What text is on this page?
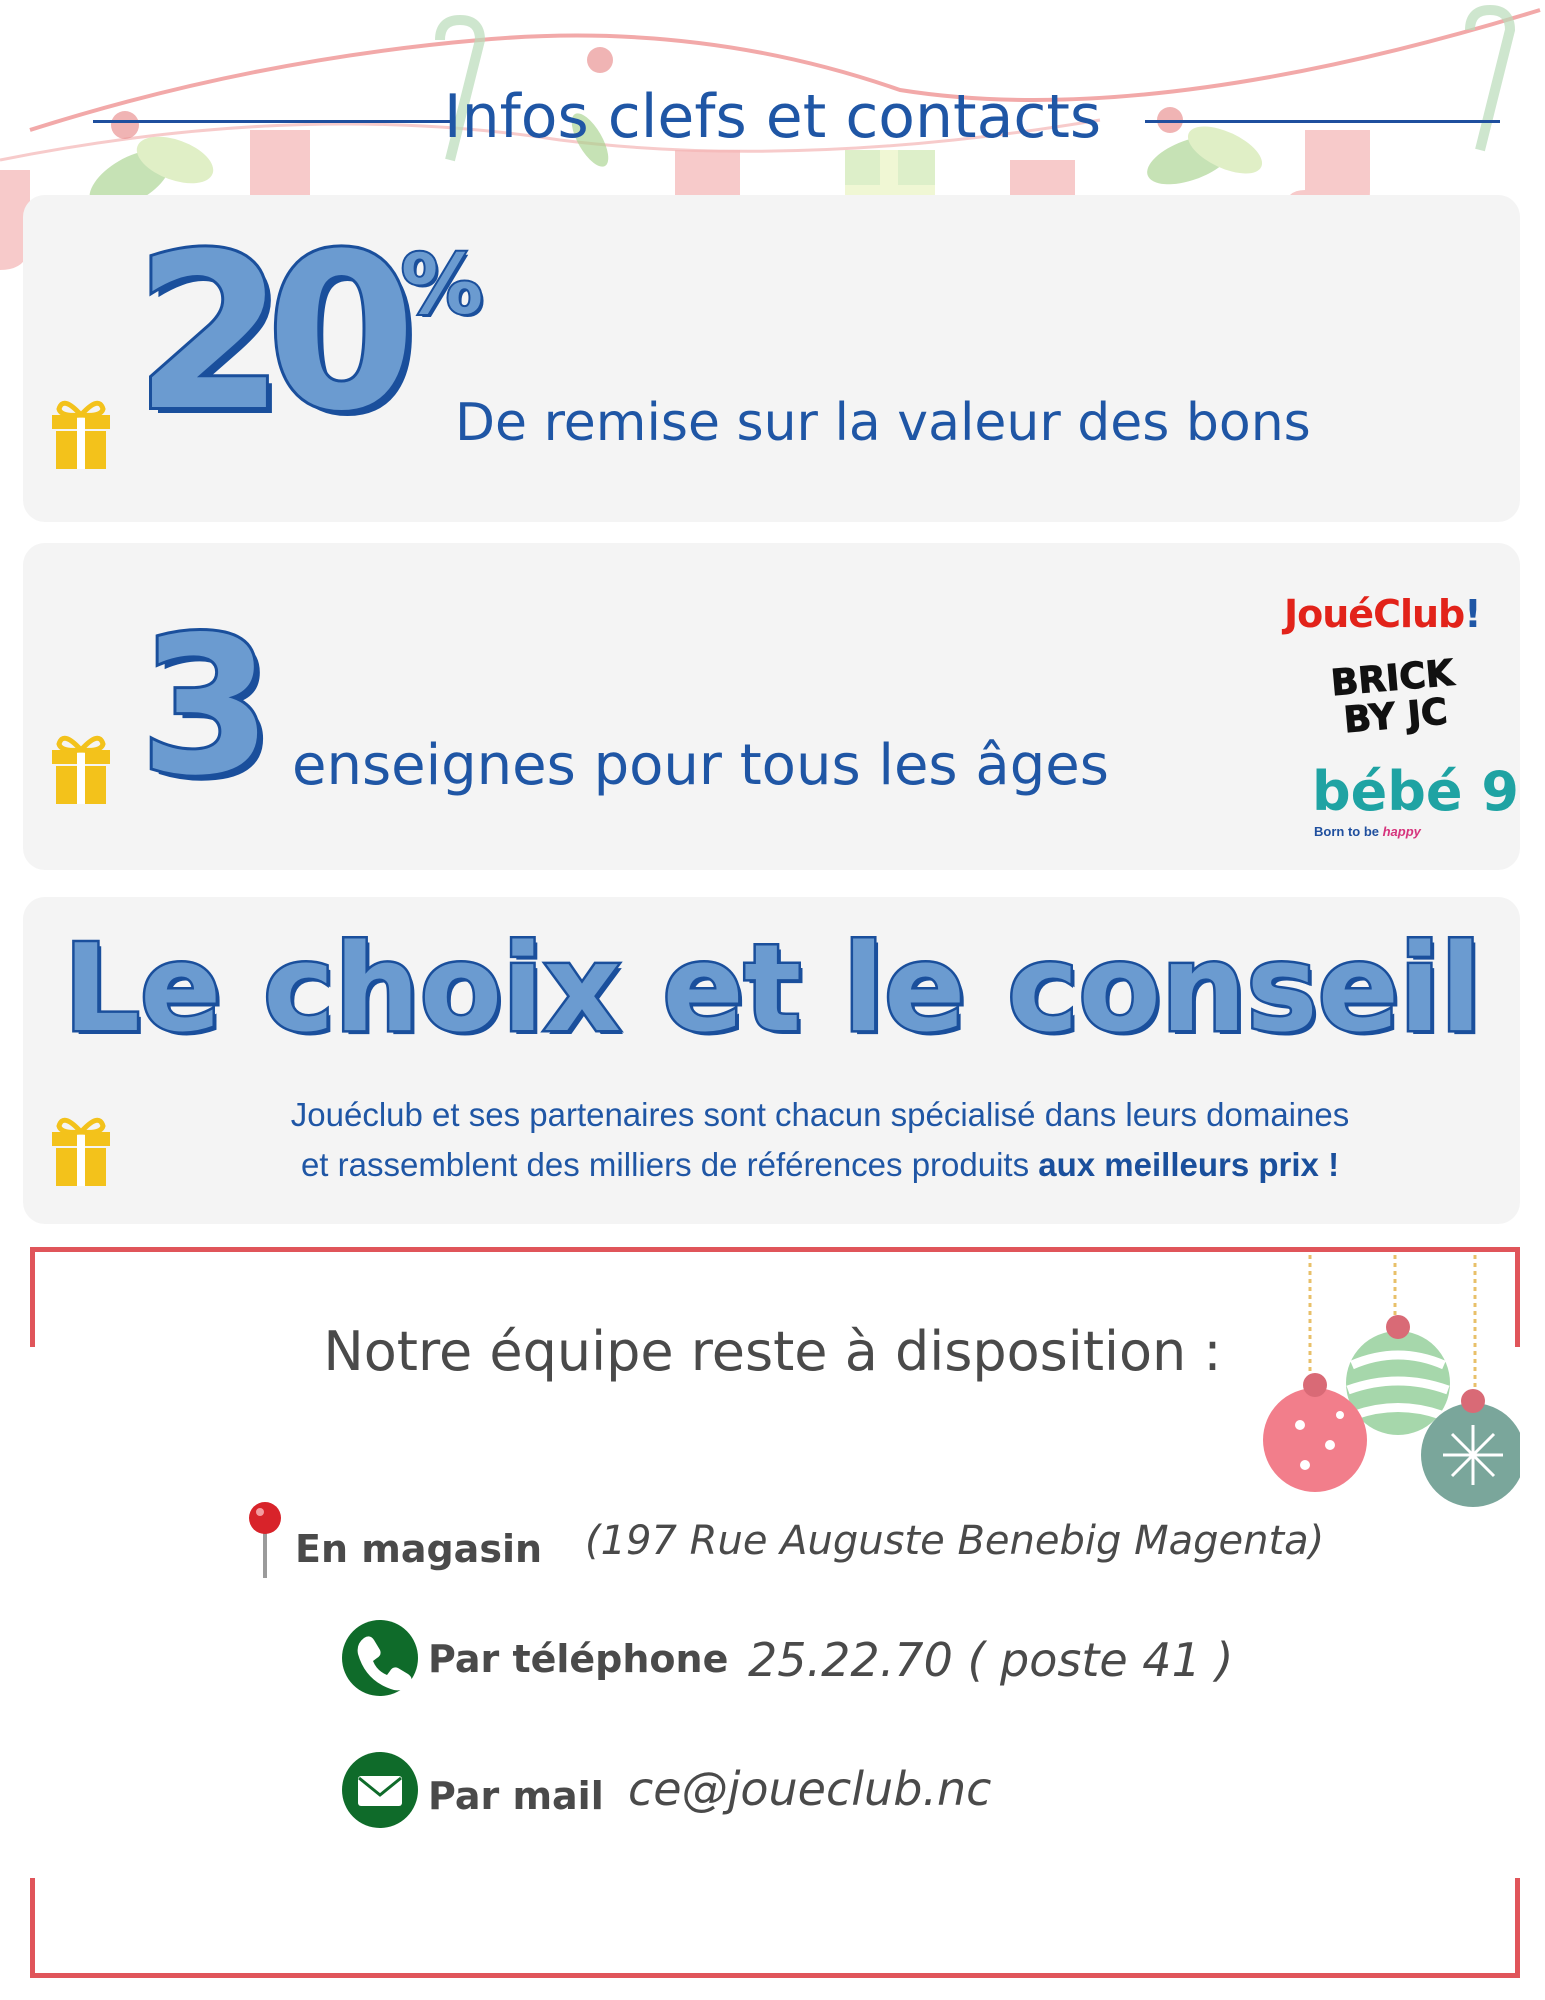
Infos clefs et contacts
20 %
De remise sur la valeur des bons
3 enseignes pour tous les âges
JouéClub!
BRICK
BY JC
bébé 9
Born to be happy
Le choix et le conseil
Jouéclub et ses partenaires sont chacun spécialisé dans leurs domaines
et rassemblent des milliers de références produits aux meilleurs prix !
Notre équipe reste à disposition :
En magasin (197 Rue Auguste Benebig Magenta)
Par téléphone 25.22.70 ( poste 41 )
Par mail ce@joueclub.nc
